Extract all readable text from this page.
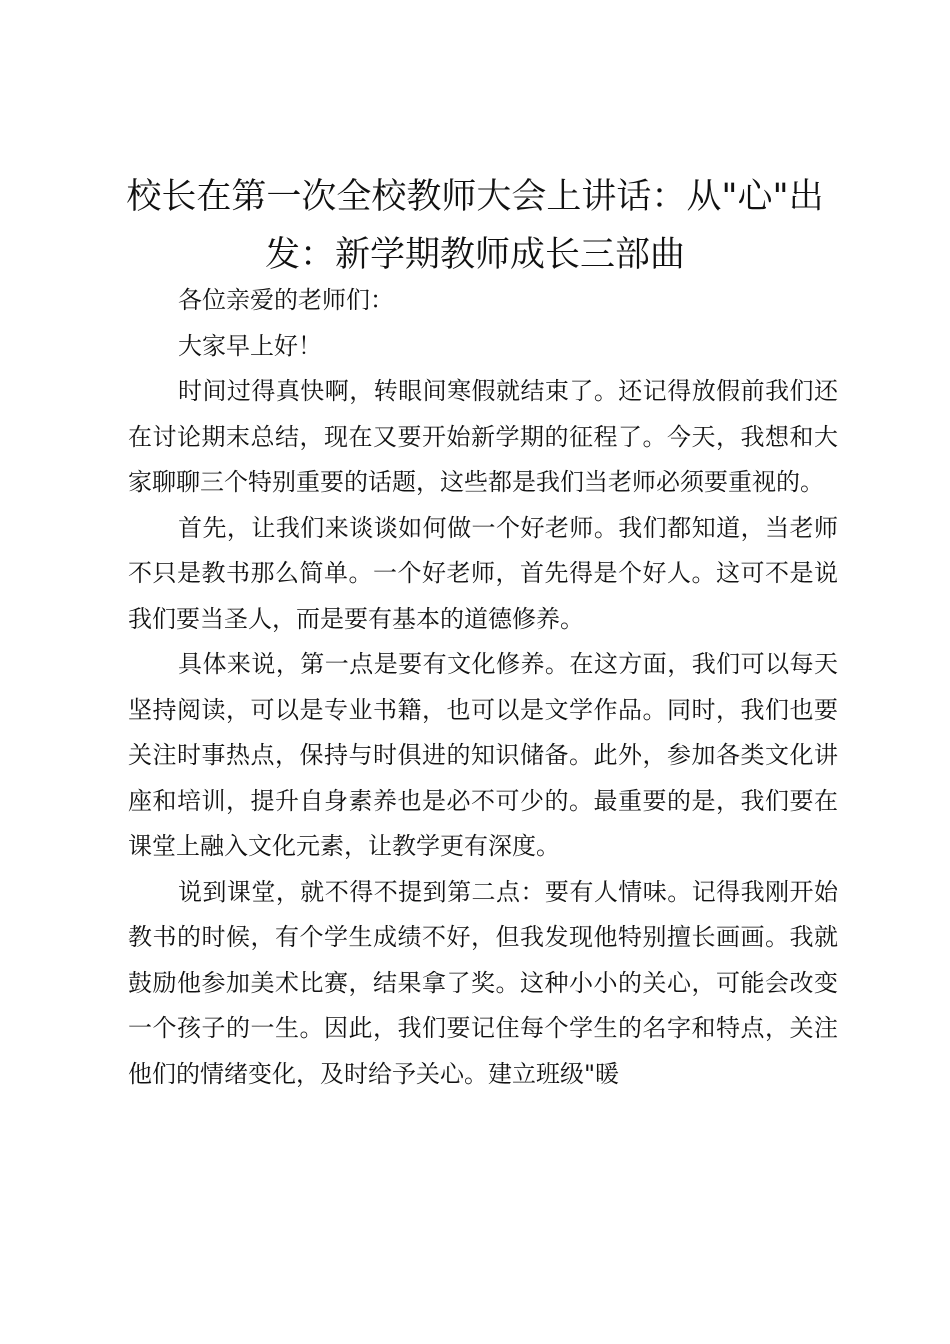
校长在第一次全校教师大会上讲话：从"心"出发：新学期教师成长三部曲

各位亲爱的老师们：

大家早上好！

时间过得真快啊，转眼间寒假就结束了。还记得放假前我们还在讨论期末总结，现在又要开始新学期的征程了。今天，我想和大家聊聊三个特别重要的话题，这些都是我们当老师必须要重视的。

首先，让我们来谈谈如何做一个好老师。我们都知道，当老师不只是教书那么简单。一个好老师，首先得是个好人。这可不是说我们要当圣人，而是要有基本的道德修养。

具体来说，第一点是要有文化修养。在这方面，我们可以每天坚持阅读，可以是专业书籍，也可以是文学作品。同时，我们也要关注时事热点，保持与时俱进的知识储备。此外，参加各类文化讲座和培训，提升自身素养也是必不可少的。最重要的是，我们要在课堂上融入文化元素，让教学更有深度。

说到课堂，就不得不提到第二点：要有人情味。记得我刚开始教书的时候，有个学生成绩不好，但我发现他特别擅长画画。我就鼓励他参加美术比赛，结果拿了奖。这种小小的关心，可能会改变一个孩子的一生。因此，我们要记住每个学生的名字和特点，关注他们的情绪变化，及时给予关心。建立班级"暖
